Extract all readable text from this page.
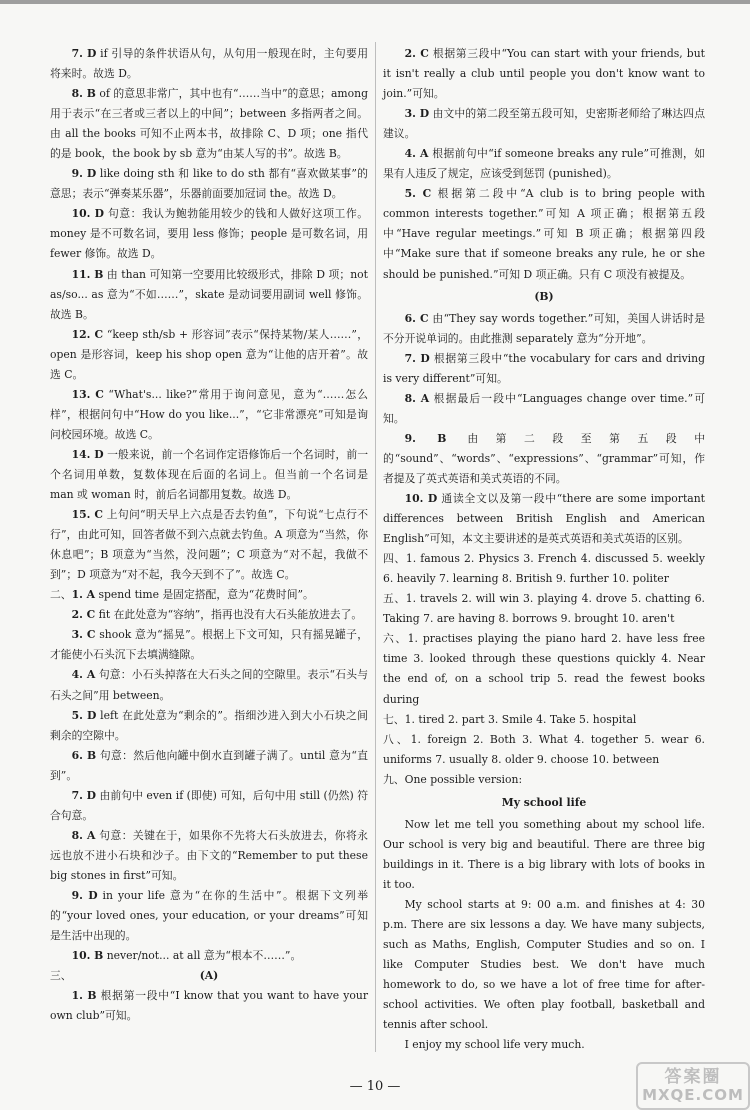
7. D if 引导的条件状语从句，从句用一般现在时，主句要用将来时。故选 D。

8. B of 的意思非常广，其中也有“……当中”的意思；among 用于表示“在三者或三者以上的中间”；between 多指两者之间。由 all the books 可知不止两本书，故排除 C、D 项；one 指代的是 book，the book by sb 意为“由某人写的书”。故选 B。

9. D like doing sth 和 like to do sth 都有“喜欢做某事”的意思；表示“弹奏某乐器”，乐器前面要加冠词 the。故选 D。

10. D 句意：我认为鲍勃能用较少的钱和人做好这项工作。money 是不可数名词，要用 less 修饰；people 是可数名词，用 fewer 修饰。故选 D。

11. B 由 than 可知第一空要用比较级形式，排除 D 项；not as/so... as 意为“不如……”，skate 是动词要用副词 well 修饰。故选 B。

12. C “keep sth/sb + 形容词”表示“保持某物/某人……”，open 是形容词，keep his shop open 意为“让他的店开着”。故选 C。

13. C “What's... like?”常用于询问意见，意为“……怎么样”，根据问句中“How do you like...”，“它非常漂亮”可知是询问校园环境。故选 C。

14. D 一般来说，前一个名词作定语修饰后一个名词时，前一个名词用单数，复数体现在后面的名词上。但当前一个名词是 man 或 woman 时，前后名词都用复数。故选 D。

15. C 上句问“明天早上六点是否去钓鱼”，下句说“七点行不行”，由此可知，回答者做不到六点就去钓鱼。A 项意为“当然，你休息吧”；B 项意为“当然，没问题”；C 项意为“对不起，我做不到”；D 项意为“对不起，我今天到不了”。故选 C。

二、1. A spend time 是固定搭配，意为“花费时间”。

2. C fit 在此处意为“容纳”，指再也没有大石头能放进去了。

3. C shook 意为“摇晃”。根据上下文可知，只有摇晃罐子，才能使小石头沉下去填满缝隙。

4. A 句意：小石头掉落在大石头之间的空隙里。表示“石头与石头之间”用 between。

5. D left 在此处意为“剩余的”。指细沙进入到大小石块之间剩余的空隙中。

6. B 句意：然后他向罐中倒水直到罐子满了。until 意为“直到”。

7. D 由前句中 even if (即使) 可知，后句中用 still (仍然) 符合句意。

8. A 句意：关键在于，如果你不先将大石头放进去，你将永远也放不进小石块和沙子。由下文的“Remember to put these big stones in first”可知。

9. D in your life 意为“在你的生活中”。根据下文列举的“your loved ones, your education, or your dreams”可知是生活中出现的。

10. B never/not... at all 意为“根本不……”。

三、	(A)

1. B 根据第一段中“I know that you want to have your own club”可知。

2. C 根据第三段中“You can start with your friends, but it isn't really a club until people you don't know want to join.”可知。

3. D 由文中的第二段至第五段可知，史密斯老师给了琳达四点建议。

4. A 根据前句中“if someone breaks any rule”可推测，如果有人违反了规定，应该受到惩罚 (punished)。

5. C 根据第二段中“A club is to bring people with common interests together.”可知 A 项正确；根据第五段中“Have regular meetings.”可知 B 项正确；根据第四段中“Make sure that if someone breaks any rule, he or she should be punished.”可知 D 项正确。只有 C 项没有被提及。

(B)

6. C 由“They say words together.”可知，美国人讲话时是不分开说单词的。由此推测 separately 意为“分开地”。

7. D 根据第三段中“the vocabulary for cars and driving is very different”可知。

8. A 根据最后一段中“Languages change over time.”可知。

9. B 由第二段至第五段中的“sound”、“words”、“expressions”、“grammar”可知，作者提及了英式英语和美式英语的不同。

10. D 通读全文以及第一段中“there are some important differences between British English and American English”可知，本文主要讲述的是英式英语和美式英语的区别。

四、1. famous 2. Physics 3. French 4. discussed 5. weekly 6. heavily 7. learning 8. British 9. further 10. politer

五、1. travels 2. will win 3. playing 4. drove 5. chatting 6. Taking 7. are having 8. borrows 9. brought 10. aren't

六、1. practises playing the piano hard 2. have less free time 3. looked through these questions quickly 4. Near the end of, on a school trip 5. read the fewest books during

七、1. tired 2. part 3. Smile 4. Take 5. hospital

八、1. foreign 2. Both 3. What 4. together 5. wear 6. uniforms 7. usually 8. older 9. choose 10. between

九、One possible version:

My school life

Now let me tell you something about my school life. Our school is very big and beautiful. There are three big buildings in it. There is a big library with lots of books in it too.

My school starts at 9: 00 a.m. and finishes at 4: 30 p.m. There are six lessons a day. We have many subjects, such as Maths, English, Computer Studies and so on. I like Computer Studies best. We don't have much homework to do, so we have a lot of free time for after-school activities. We often play football, basketball and tennis after school.

I enjoy my school life very much.

— 10 —	答案圈
MXQE.COM
